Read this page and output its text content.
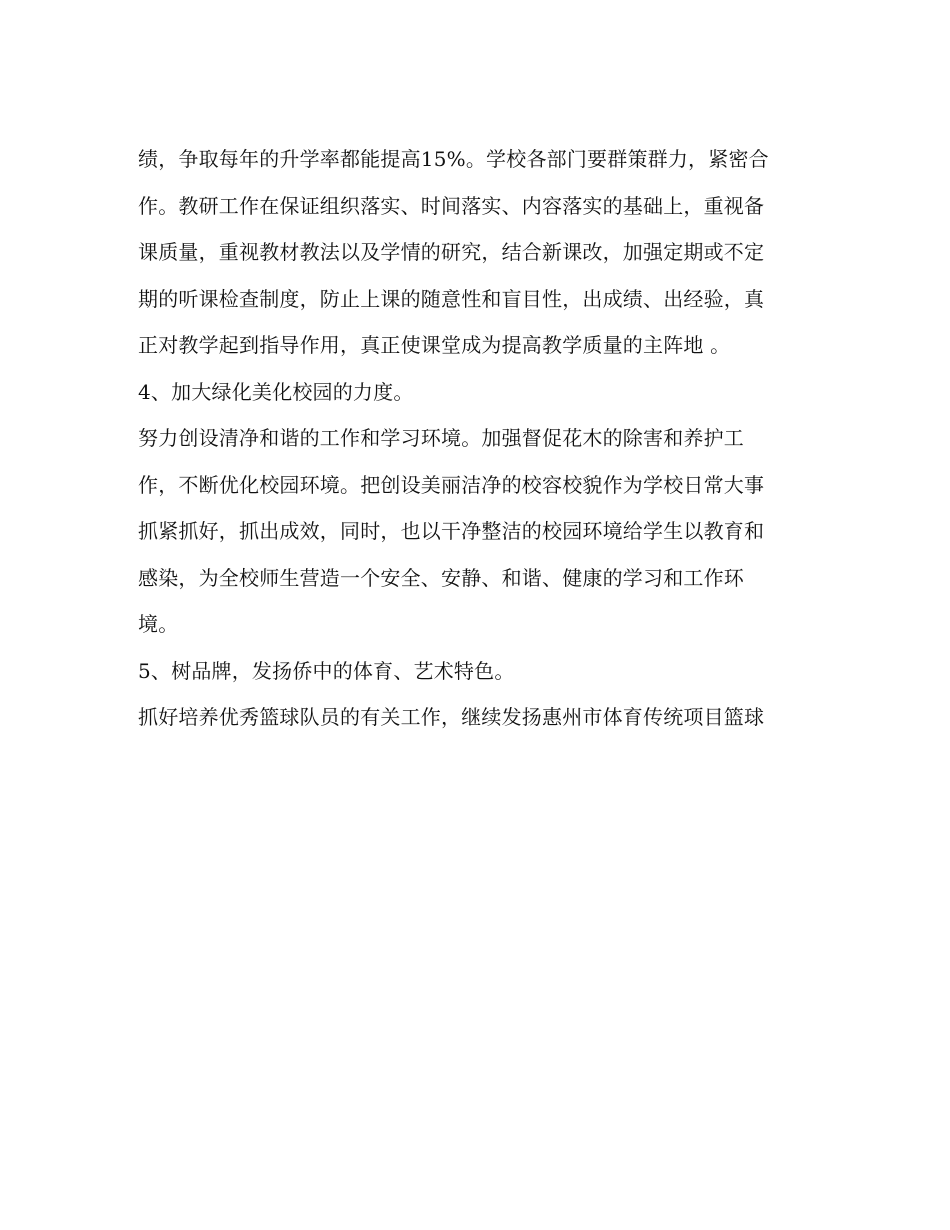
绩，争取每年的升学率都能提高15%。学校各部门要群策群力，紧密合
作。教研工作在保证组织落实、时间落实、内容落实的基础上，重视备
课质量，重视教材教法以及学情的研究，结合新课改，加强定期或不定
期的听课检查制度，防止上课的随意性和盲目性，出成绩、出经验，真
正对教学起到指导作用，真正使课堂成为提高教学质量的主阵地 。
4、加大绿化美化校园的力度。
努力创设清净和谐的工作和学习环境。加强督促花木的除害和养护工
作，不断优化校园环境。把创设美丽洁净的校容校貌作为学校日常大事
抓紧抓好，抓出成效，同时，也以干净整洁的校园环境给学生以教育和
感染，为全校师生营造一个安全、安静、和谐、健康的学习和工作环
境。
5、树品牌，发扬侨中的体育、艺术特色。
抓好培养优秀篮球队员的有关工作，继续发扬惠州市体育传统项目篮球
